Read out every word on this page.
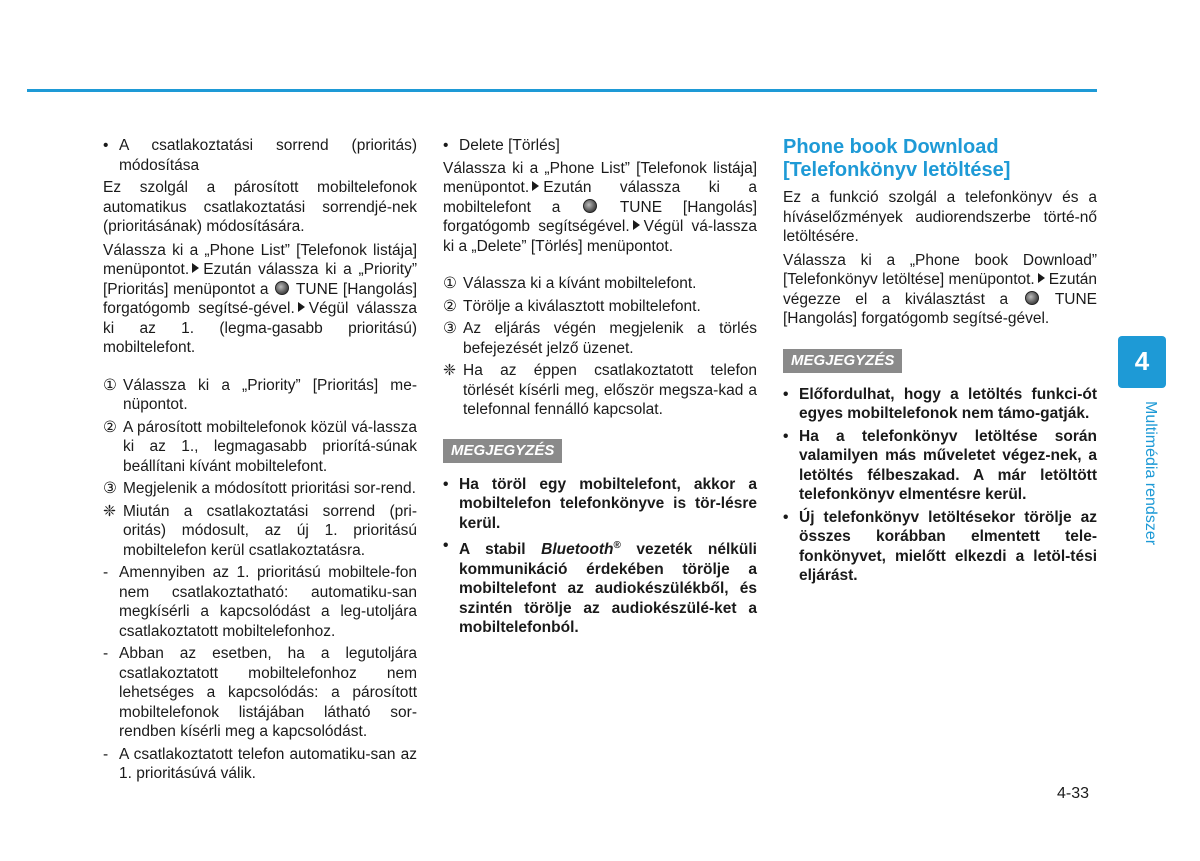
• A csatlakoztatási sorrend (prioritás) módosítása

Ez szolgál a párosított mobiltelefonok automatikus csatlakoztatási sorrendjé-nek (prioritásának) módosítására.

Válassza ki a „Phone List” [Telefonok listája] menüpontot. Ezután válassza ki a „Priority” [Prioritás] menüpontot a TUNE [Hangolás] forgatógomb segítsé-gével. Végül válassza ki az 1. (legma-gasabb prioritású) mobiltelefont.

① Válassza ki a „Priority” [Prioritás] me-nüpontot.
② A párosított mobiltelefonok közül vá-lassza ki az 1., legmagasabb priorítá-súnak beállítani kívánt mobiltelefont.
③ Megjelenik a módosított prioritási sor-rend.
❈ Miután a csatlakoztatási sorrend (pri-oritás) módosult, az új 1. prioritású mobiltelefon kerül csatlakoztatásra.
- Amennyiben az 1. prioritású mobiltele-fon nem csatlakoztatható: automatiku-san megkísérli a kapcsolódást a leg-utoljára csatlakoztatott mobiltelefonhoz.
- Abban az esetben, ha a legutoljára csatlakoztatott mobiltelefonhoz nem lehetséges a kapcsolódás: a párosított mobiltelefonok listájában látható sor-rendben kísérli meg a kapcsolódást.
- A csatlakoztatott telefon automatiku-san az 1. prioritásúvá válik.
• Delete [Törlés]

Válassza ki a „Phone List” [Telefonok listája] menüpontot. Ezután válassza ki a mobiltelefont a	TUNE [Hangolás] forgatógomb segítségével. Végül vá-lassza ki a „Delete” [Törlés] menüpontot.

① Válassza ki a kívánt mobiltelefont.
② Törölje a kiválasztott mobiltelefont.
③ Az eljárás végén megjelenik a törlés befejezését jelző üzenet.
❈ Ha az éppen csatlakoztatott telefon törlését kísérli meg, először megsza-kad a telefonnal fennálló kapcsolat.
MEGJEGYZÉS
• Ha töröl egy mobiltelefont, akkor a mobiltelefon telefonkönyve is tör-lésre kerül.
• A stabil Bluetooth® vezeték nélküli kommunikáció érdekében törölje a mobiltelefont az audiokészülékből, és szintén törölje az audiokészülé-ket a mobiltelefonból.
Phone book Download [Telefonkönyv letöltése]

Ez a funkció szolgál a telefonkönyv és a híváselőzmények audiorendszerbe törté-nő letöltésére.

Válassza ki a „Phone book Download” [Telefonkönyv letöltése] menüpontot. Ezután végezze el a kiválasztást a	TUNE [Hangolás] forgatógomb segítsé-gével.

MEGJEGYZÉS
• Előfordulhat, hogy a letöltés funkci-ót egyes mobiltelefonok nem támo-gatják.
• Ha a telefonkönyv letöltése során valamilyen más műveletet végez-nek, a letöltés félbeszakad. A már letöltött telefonkönyv elmentésre kerül.
• Új telefonkönyv letöltésekor törölje az összes korábban elmentett tele-fonkönyvet, mielőtt elkezdi a letöl-tési eljárást.
4
Multimédia rendszer
4-33
